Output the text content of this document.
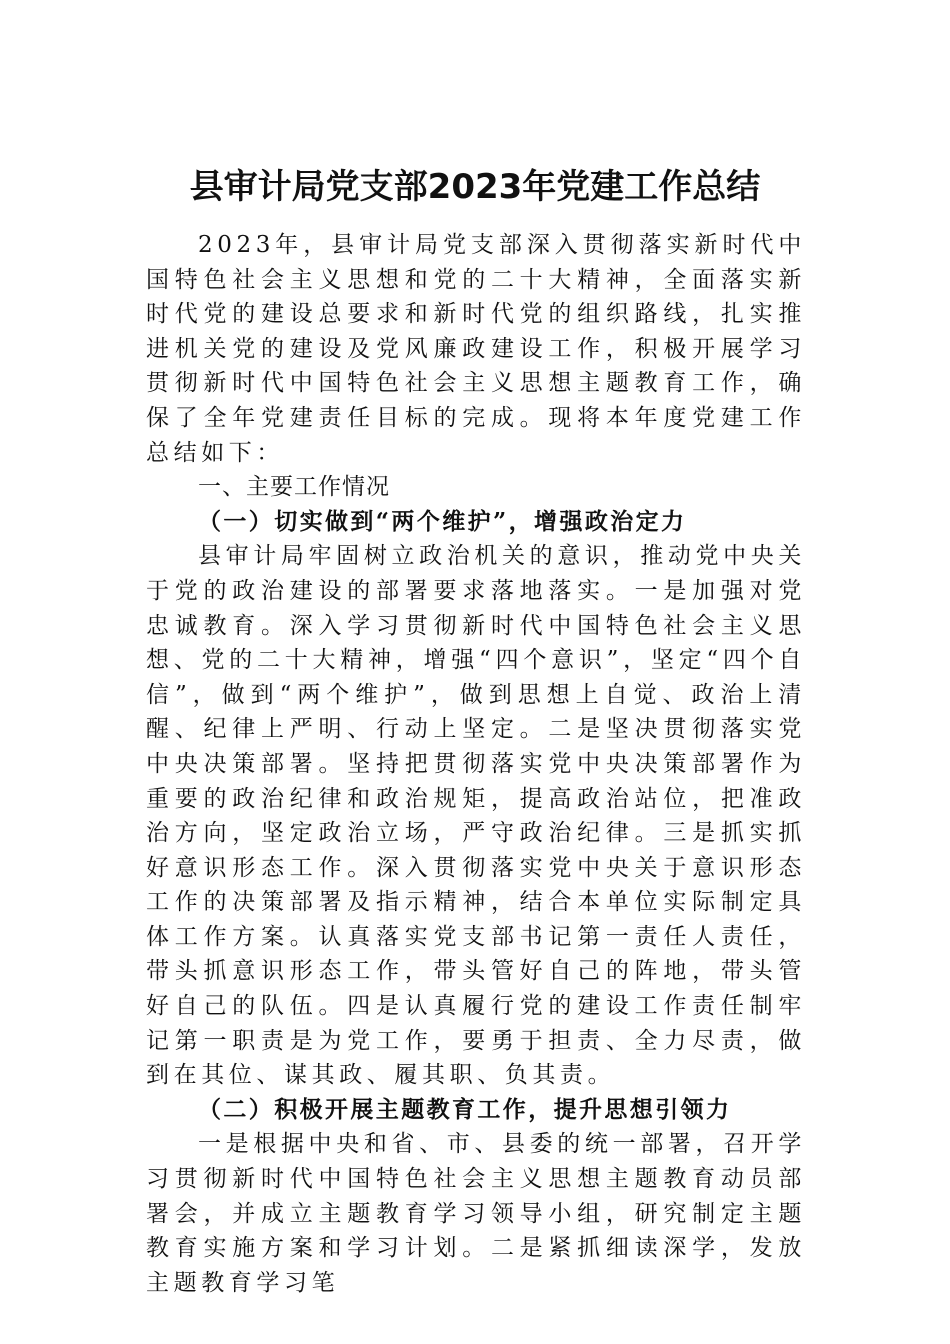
县审计局党支部2023年党建工作总结

2023年，县审计局党支部深入贯彻落实新时代中国特色社会主义思想和党的二十大精神，全面落实新时代党的建设总要求和新时代党的组织路线，扎实推进机关党的建设及党风廉政建设工作，积极开展学习贯彻新时代中国特色社会主义思想主题教育工作，确保了全年党建责任目标的完成。现将本年度党建工作总结如下：

一、主要工作情况

（一）切实做到“两个维护”，增强政治定力

县审计局牢固树立政治机关的意识，推动党中央关于党的政治建设的部署要求落地落实。一是加强对党忠诚教育。深入学习贯彻新时代中国特色社会主义思想、党的二十大精神，增强“四个意识”，坚定“四个自信”，做到“两个维护”，做到思想上自觉、政治上清醒、纪律上严明、行动上坚定。二是坚决贯彻落实党中央决策部署。坚持把贯彻落实党中央决策部署作为重要的政治纪律和政治规矩，提高政治站位，把准政治方向，坚定政治立场，严守政治纪律。三是抓实抓好意识形态工作。深入贯彻落实党中央关于意识形态工作的决策部署及指示精神，结合本单位实际制定具体工作方案。认真落实党支部书记第一责任人责任，带头抓意识形态工作，带头管好自己的阵地，带头管好自己的队伍。四是认真履行党的建设工作责任制牢记第一职责是为党工作，要勇于担责、全力尽责，做到在其位、谋其政、履其职、负其责。

（二）积极开展主题教育工作，提升思想引领力

一是根据中央和省、市、县委的统一部署，召开学习贯彻新时代中国特色社会主义思想主题教育动员部署会，并成立主题教育学习领导小组，研究制定主题教育实施方案和学习计划。二是紧抓细读深学，发放主题教育学习笔
